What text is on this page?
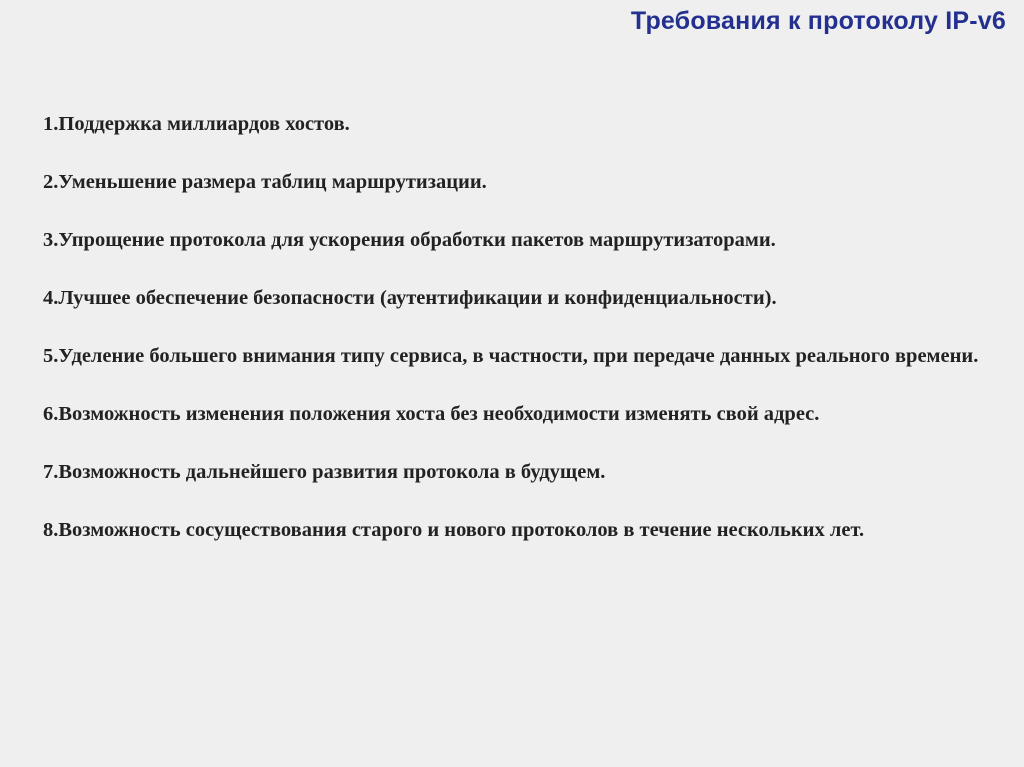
Требования к протоколу IP-v6
1.Поддержка миллиардов хостов.
2.Уменьшение размера таблиц маршрутизации.
3.Упрощение протокола для ускорения обработки пакетов маршрутизаторами.
4.Лучшее обеспечение безопасности (аутентификации и конфиденциальности).
5.Уделение большего внимания типу сервиса, в частности, при передаче данных реального времени.
6.Возможность изменения положения хоста без необходимости изменять свой адрес.
7.Возможность дальнейшего развития протокола в будущем.
8.Возможность сосуществования старого и нового протоколов в течение нескольких лет.
